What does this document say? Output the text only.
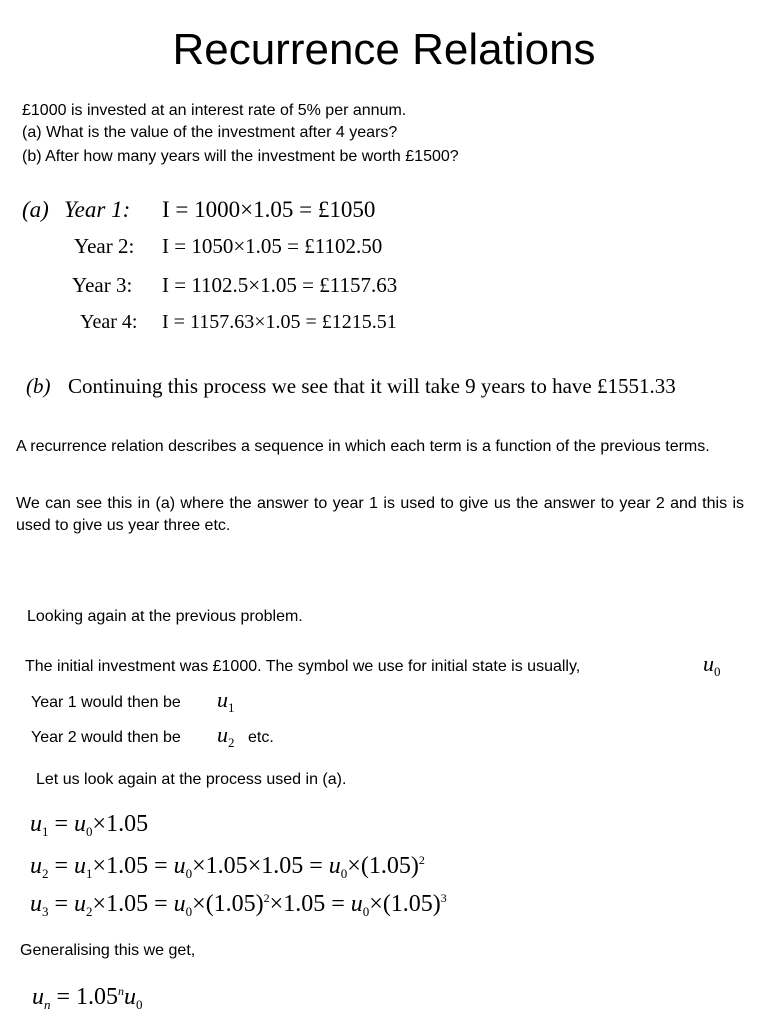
Recurrence Relations
£1000 is invested at an interest rate of 5% per annum.
(a) What is the value of the investment after 4 years?
(b) After how many years will the investment be worth £1500?
(a) Year 1: I = 1000×1.05 = £1050
Year 2: I = 1050×1.05 = £1102.50
Year 3: I = 1102.5×1.05 = £1157.63
Year 4: I = 1157.63×1.05 = £1215.51
(b) Continuing this process we see that it will take 9 years to have £1551.33
A recurrence relation describes a sequence in which each term is a function of the previous terms.
We can see this in (a) where the answer to year 1 is used to give us the answer to year 2 and this is used to give us year three etc.
Looking again at the previous problem.
The initial investment was £1000. The symbol we use for initial state is usually,	$u_0$
Year 1 would then be $u_1$
Year 2 would then be $u_2$ etc.
Let us look again at the process used in (a).
$u_1 = u_0\times 1.05$
$u_2 = u_1\times 1.05 = u_0\times 1.05\times 1.05 = u_0\times(1.05)^2$
$u_3 = u_2\times 1.05 = u_0\times(1.05)^2\times 1.05 = u_0\times(1.05)^3$
Generalising this we get,
$u_n = 1.05^nu_0$
